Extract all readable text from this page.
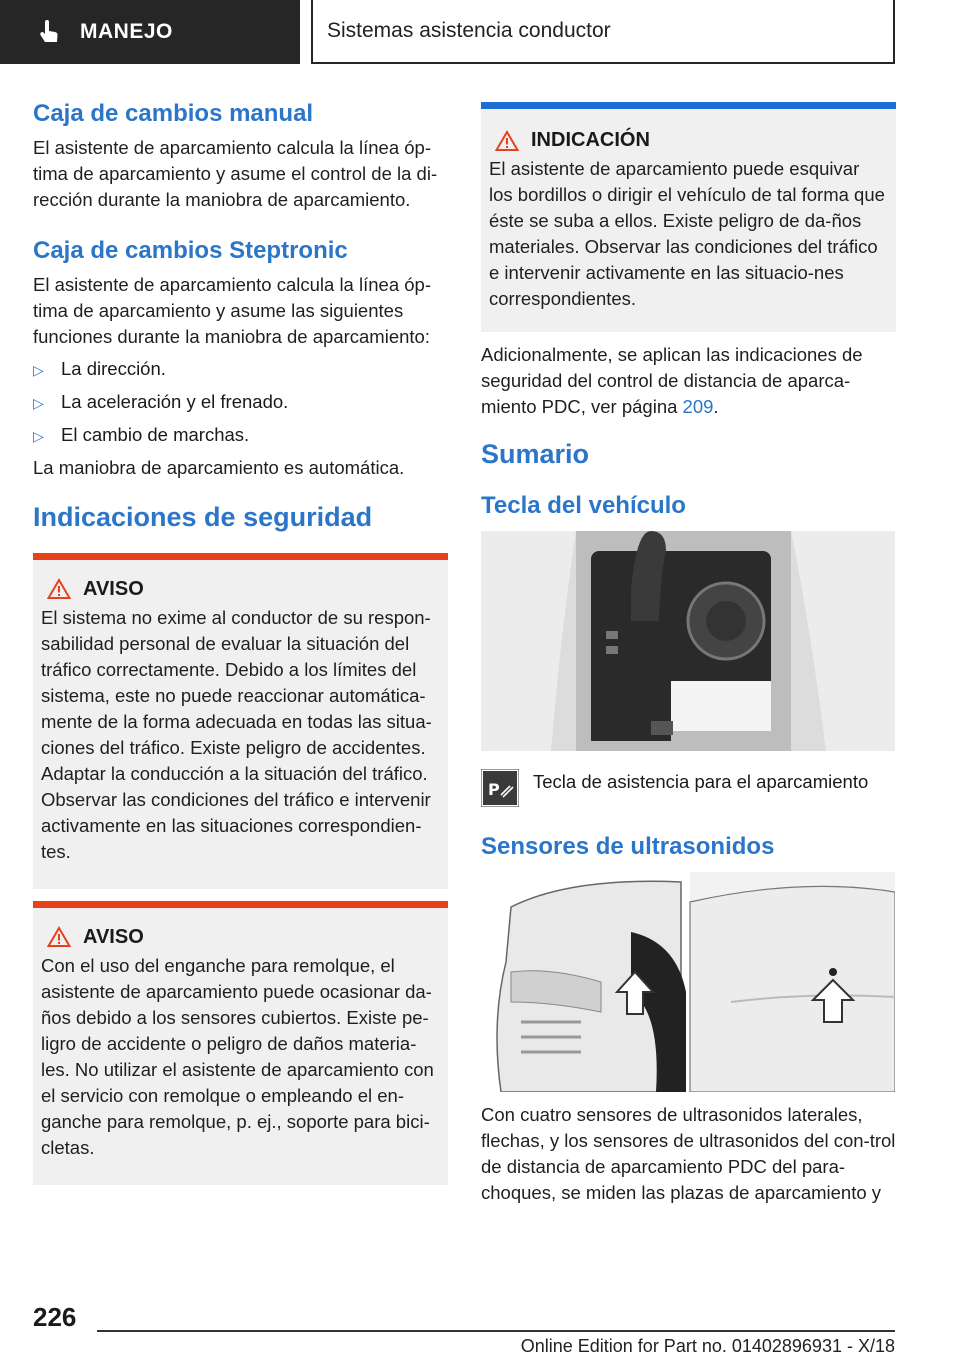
MANEJO	Sistemas asistencia conductor
Caja de cambios manual

El asistente de aparcamiento calcula la línea óp-tima de aparcamiento y asume el control de la di-rección durante la maniobra de aparcamiento.

Caja de cambios Steptronic

El asistente de aparcamiento calcula la línea óp-tima de aparcamiento y asume las siguientes funciones durante la maniobra de aparcamiento:

▷ La dirección.
▷ La aceleración y el frenado.
▷ El cambio de marchas.

La maniobra de aparcamiento es automática.

Indicaciones de seguridad
AVISO

El sistema no exime al conductor de su respon-sabilidad personal de evaluar la situación del tráfico correctamente. Debido a los límites del sistema, este no puede reaccionar automática-mente de la forma adecuada en todas las situa-ciones del tráfico. Existe peligro de accidentes. Adaptar la conducción a la situación del tráfico. Observar las condiciones del tráfico e intervenir activamente en las situaciones correspondien-tes.

AVISO

Con el uso del enganche para remolque, el asistente de aparcamiento puede ocasionar da-ños debido a los sensores cubiertos. Existe pe-ligro de accidente o peligro de daños materia-les. No utilizar el asistente de aparcamiento con el servicio con remolque o empleando el en-ganche para remolque, p. ej., soporte para bici-cletas.

INDICACIÓN

El asistente de aparcamiento puede esquivar los bordillos o dirigir el vehículo de tal forma que éste se suba a ellos. Existe peligro de da-ños materiales. Observar las condiciones del tráfico e intervenir activamente en las situacio-nes correspondientes.

Adicionalmente, se aplican las indicaciones de seguridad del control de distancia de aparca-miento PDC, ver página 209.

Sumario
Tecla del vehículo
P Tecla de asistencia para el aparcamiento
Sensores de ultrasonidos

Con cuatro sensores de ultrasonidos laterales, flechas, y los sensores de ultrasonidos del con-trol de distancia de aparcamiento PDC del para-choques, se miden las plazas de aparcamiento y

226
Online Edition for Part no. 01402896931 - X/18
